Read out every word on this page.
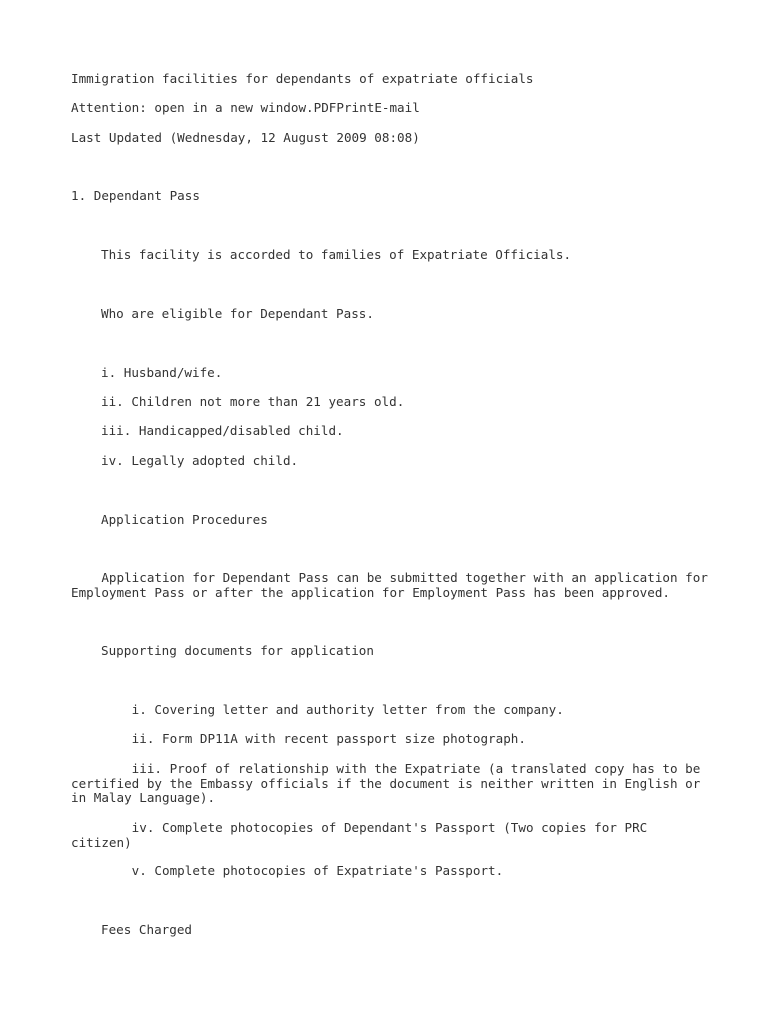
Immigration facilities for dependants of expatriate officials

Attention: open in a new window.PDFPrintE-mail

Last Updated (Wednesday, 12 August 2009 08:08)

1. Dependant Pass

This facility is accorded to families of Expatriate Officials.

Who are eligible for Dependant Pass.

i. Husband/wife.

ii. Children not more than 21 years old.

iii. Handicapped/disabled child.

iv. Legally adopted child.

Application Procedures

Application for Dependant Pass can be submitted together with an application for Employment Pass or after the application for Employment Pass has been approved.

Supporting documents for application

i. Covering letter and authority letter from the company.

ii. Form DP11A with recent passport size photograph.

iii. Proof of relationship with the Expatriate (a translated copy has to be certified by the Embassy officials if the document is neither written in English or in Malay Language).

iv. Complete photocopies of Dependant's Passport (Two copies for PRC citizen)

v. Complete photocopies of Expatriate's Passport.

Fees Charged
